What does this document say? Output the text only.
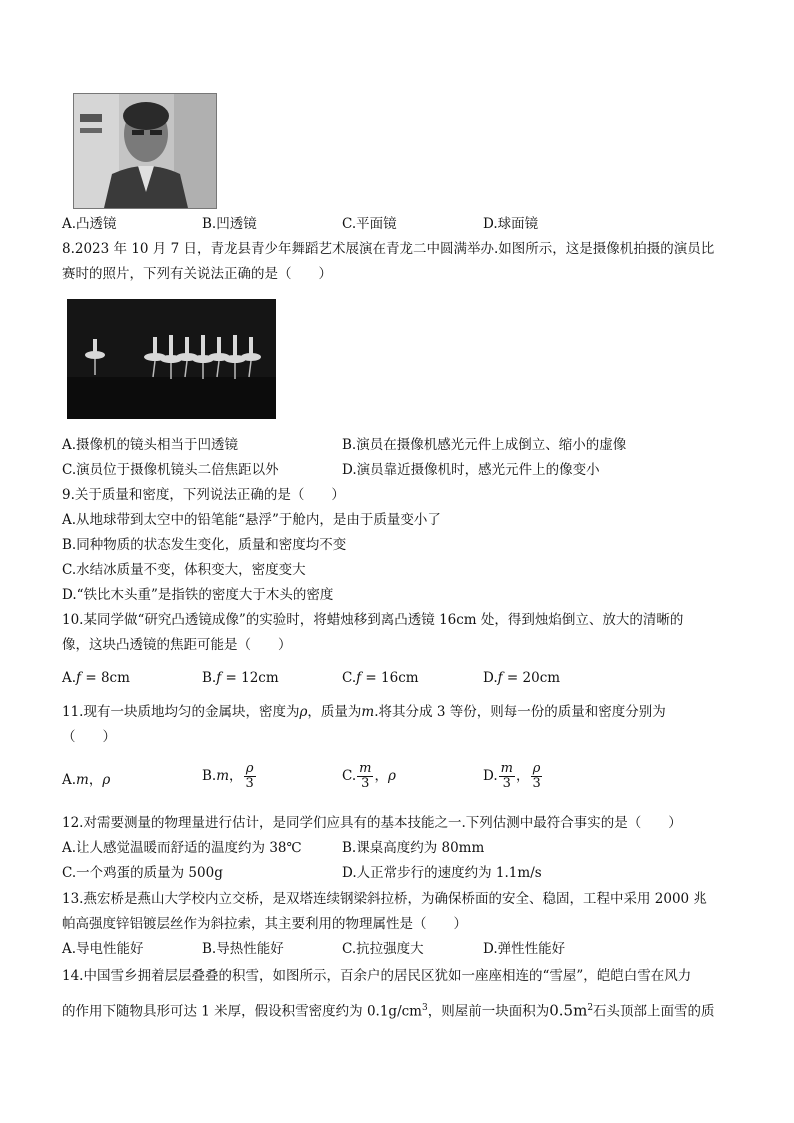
A.凸透镜	B.凹透镜	C.平面镜	D.球面镜
8.2023 年 10 月 7 日，青龙县青少年舞蹈艺术展演在青龙二中圆满举办.如图所示，这是摄像机拍摄的演员比
赛时的照片，下列有关说法正确的是（　　）
A.摄像机的镜头相当于凹透镜	B.演员在摄像机感光元件上成倒立、缩小的虚像
C.演员位于摄像机镜头二倍焦距以外	D.演员靠近摄像机时，感光元件上的像变小
9.关于质量和密度，下列说法正确的是（　　）
A.从地球带到太空中的铅笔能“悬浮”于舱内，是由于质量变小了
B.同种物质的状态发生变化，质量和密度均不变
C.水结冰质量不变，体积变大，密度变大
D.“铁比木头重”是指铁的密度大于木头的密度
10.某同学做“研究凸透镜成像”的实验时，将蜡烛移到离凸透镜 16cm 处，得到烛焰倒立、放大的清晰的
像，这块凸透镜的焦距可能是（　　）
A.f = 8cm	B.f = 12cm	C.f = 16cm	D.f = 20cm
11.现有一块质地均匀的金属块，密度为ρ，质量为m.将其分成 3 等份，则每一份的质量和密度分别为
（　　）
A.m，ρ	B.m， $\frac{\rho}{3}$	C. $\frac{m}{3}$ ，ρ	D. $\frac{m}{3}$ ， $\frac{\rho}{3}$
12.对需要测量的物理量进行估计，是同学们应具有的基本技能之一.下列估测中最符合事实的是（　　）
A.让人感觉温暖而舒适的温度约为 38℃	B.课桌高度约为 80mm
C.一个鸡蛋的质量为 500g	D.人正常步行的速度约为 1.1m/s
13.燕宏桥是燕山大学校内立交桥，是双塔连续钢梁斜拉桥，为确保桥面的安全、稳固，工程中采用 2000 兆
帕高强度锌铝镀层丝作为斜拉索，其主要利用的物理属性是（　　）
A.导电性能好	B.导热性能好	C.抗拉强度大	D.弹性性能好
14.中国雪乡拥着层层叠叠的积雪，如图所示，百余户的居民区犹如一座座相连的“雪屋”，皑皑白雪在风力
的作用下随物具形可达 1 米厚，假设积雪密度约为 $0.1g/cm^3$，则屋前一块面积为$0.5m^2$石头顶部上面雪的质
